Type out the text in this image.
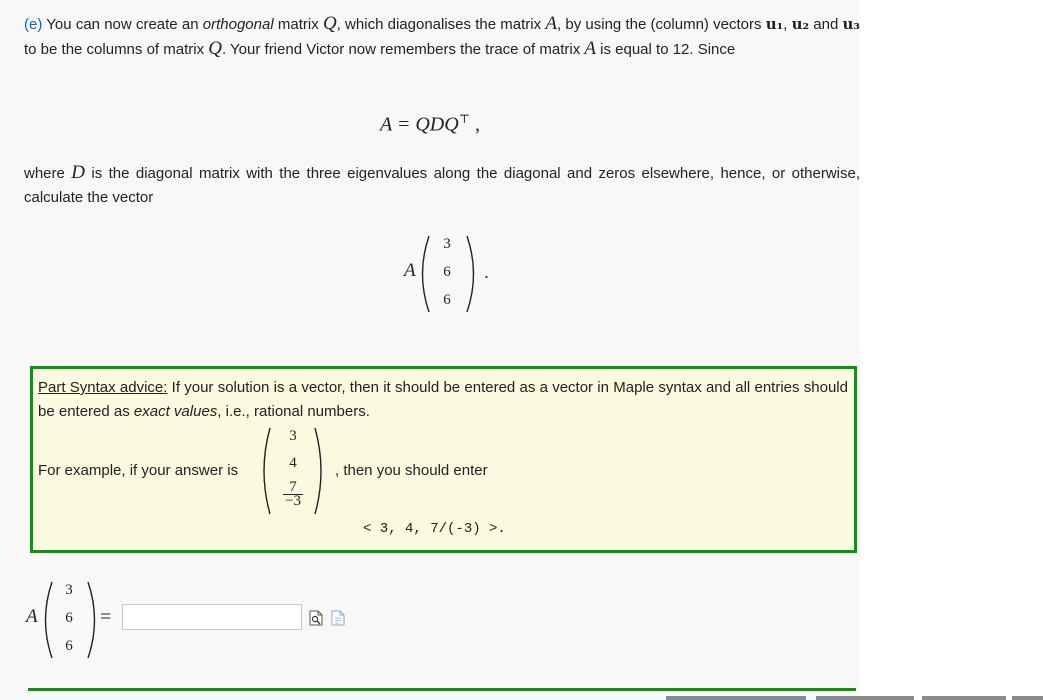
(e) You can now create an orthogonal matrix Q, which diagonalises the matrix A, by using the (column) vectors u₁, u₂ and u₃ to be the columns of matrix Q. Your friend Victor now remembers the trace of matrix A is equal to 12. Since
A = QDQ⊤ ,
where D is the diagonal matrix with the three eigenvalues along the diagonal and zeros elsewhere, hence, or otherwise, calculate the vector
A
3
6
6
.
Part Syntax advice: If your solution is a vector, then it should be entered as a vector in Maple syntax and all entries should be entered as exact values, i.e., rational numbers.
For example, if your answer is
3
4
$\frac{7}{-3}$
, then you should enter
< 3, 4, 7/(-3) >.
A
3
6
6
=
